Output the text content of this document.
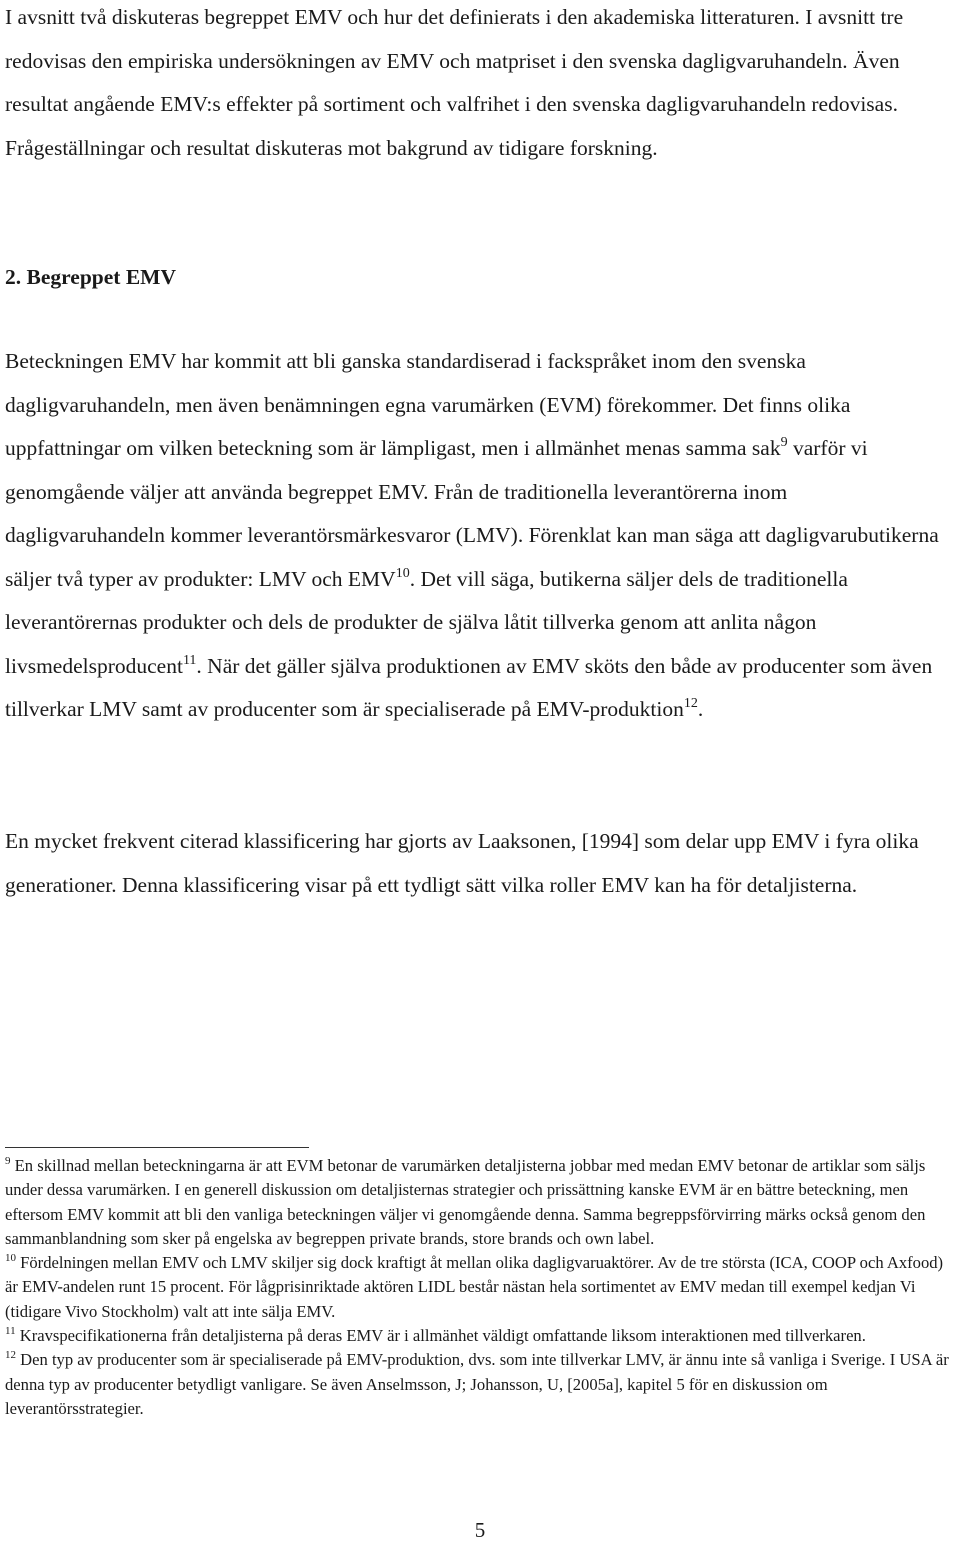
I avsnitt två diskuteras begreppet EMV och hur det definierats i den akademiska litteraturen. I avsnitt tre redovisas den empiriska undersökningen av EMV och matpriset i den svenska dagligvaruhandeln. Även resultat angående EMV:s effekter på sortiment och valfrihet i den svenska dagligvaruhandeln redovisas. Frågeställningar och resultat diskuteras mot bakgrund av tidigare forskning.

2. Begreppet EMV

Beteckningen EMV har kommit att bli ganska standardiserad i fackspråket inom den svenska dagligvaruhandeln, men även benämningen egna varumärken (EVM) förekommer. Det finns olika uppfattningar om vilken beteckning som är lämpligast, men i allmänhet menas samma sak$^9$ varför vi genomgående väljer att använda begreppet EMV. Från de traditionella leverantörerna inom dagligvaruhandeln kommer leverantörsmärkesvaror (LMV). Förenklat kan man säga att dagligvarubutikerna säljer två typer av produkter: LMV och EMV$^{10}$. Det vill säga, butikerna säljer dels de traditionella leverantörernas produkter och dels de produkter de själva låtit tillverka genom att anlita någon livsmedelsproducent$^{11}$. När det gäller själva produktionen av EMV sköts den både av producenter som även tillverkar LMV samt av producenter som är specialiserade på EMV-produktion$^{12}$.

En mycket frekvent citerad klassificering har gjorts av Laaksonen, [1994] som delar upp EMV i fyra olika generationer. Denna klassificering visar på ett tydligt sätt vilka roller EMV kan ha för detaljisterna.

$^9$ En skillnad mellan beteckningarna är att EVM betonar de varumärken detaljisterna jobbar med medan EMV betonar de artiklar som säljs under dessa varumärken. I en generell diskussion om detaljisternas strategier och prissättning kanske EVM är en bättre beteckning, men eftersom EMV kommit att bli den vanliga beteckningen väljer vi genomgående denna. Samma begreppsförvirring märks också genom den sammanblandning som sker på engelska av begreppen private brands, store brands och own label.

$^{10}$ Fördelningen mellan EMV och LMV skiljer sig dock kraftigt åt mellan olika dagligvaruaktörer. Av de tre största (ICA, COOP och Axfood) är EMV-andelen runt 15 procent. För lågprisinriktade aktören LIDL består nästan hela sortimentet av EMV medan till exempel kedjan Vi (tidigare Vivo Stockholm) valt att inte sälja EMV.

$^{11}$ Kravspecifikationerna från detaljisterna på deras EMV är i allmänhet väldigt omfattande liksom interaktionen med tillverkaren.

$^{12}$ Den typ av producenter som är specialiserade på EMV-produktion, dvs. som inte tillverkar LMV, är ännu inte så vanliga i Sverige. I USA är denna typ av producenter betydligt vanligare. Se även Anselmsson, J; Johansson, U, [2005a], kapitel 5 för en diskussion om leverantörsstrategier.

5
